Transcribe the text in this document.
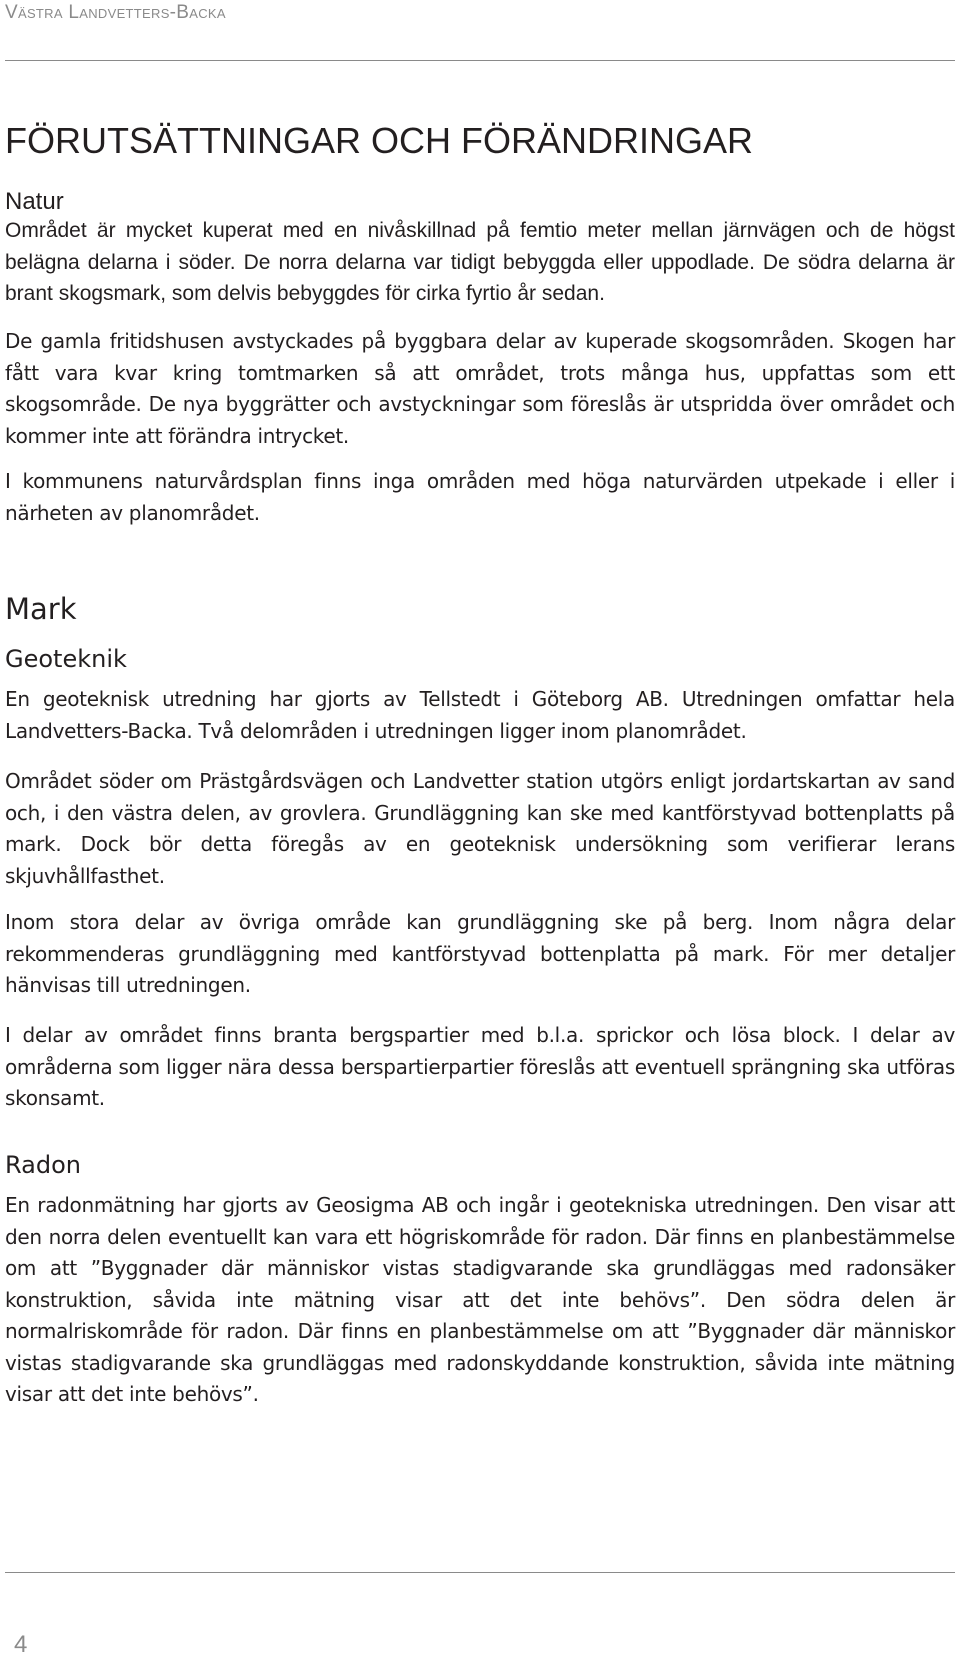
Västra Landvetters-Backa

FÖRUTSÄTTNINGAR OCH FÖRÄNDRINGAR
Natur

Området är mycket kuperat med en nivåskillnad på femtio meter mellan järnvägen och de högst belägna delarna i söder. De norra delarna var tidigt bebyggda eller uppodlade. De södra delarna är brant skogsmark, som delvis bebyggdes för cirka fyrtio år sedan.

De gamla fritidshusen avstyckades på byggbara delar av kuperade skogsområden. Skogen har fått vara kvar kring tomtmarken så att området, trots många hus, uppfattas som ett skogsområde. De nya byggrätter och avstyckningar som föreslås är utspridda över området och kommer inte att förändra intrycket.

I kommunens naturvårdsplan finns inga områden med höga naturvärden utpekade i eller i närheten av planområdet.

Mark
Geoteknik

En geoteknisk utredning har gjorts av Tellstedt i Göteborg AB. Utredningen omfattar hela Landvetters-Backa. Två delområden i utredningen ligger inom planområdet.

Området söder om Prästgårdsvägen och Landvetter station utgörs enligt jordartskartan av sand och, i den västra delen, av grovlera. Grundläggning kan ske med kantförstyvad bottenplatts på mark. Dock bör detta föregås av en geoteknisk undersökning som verifierar lerans skjuvhållfasthet.

Inom stora delar av övriga område kan grundläggning ske på berg. Inom några delar rekommenderas grundläggning med kantförstyvad bottenplatta på mark. För mer detaljer hänvisas till utredningen.

I delar av området finns branta bergspartier med b.l.a. sprickor och lösa block. I delar av områderna som ligger nära dessa berspartierpartier föreslås att eventuell sprängning ska utföras skonsamt.

Radon

En radonmätning har gjorts av Geosigma AB och ingår i geotekniska utredningen. Den visar att den norra delen eventuellt kan vara ett högriskområde för radon. Där finns en planbestämmelse om att ”Byggnader där människor vistas stadigvarande ska grundläggas med radonsäker konstruktion, såvida inte mätning visar att det inte behövs”. Den södra delen är normalriskområde för radon. Där finns en planbestämmelse om att ”Byggnader där människor vistas stadigvarande ska grundläggas med radonskyddande konstruktion, såvida inte mätning visar att det inte behövs”.

4
